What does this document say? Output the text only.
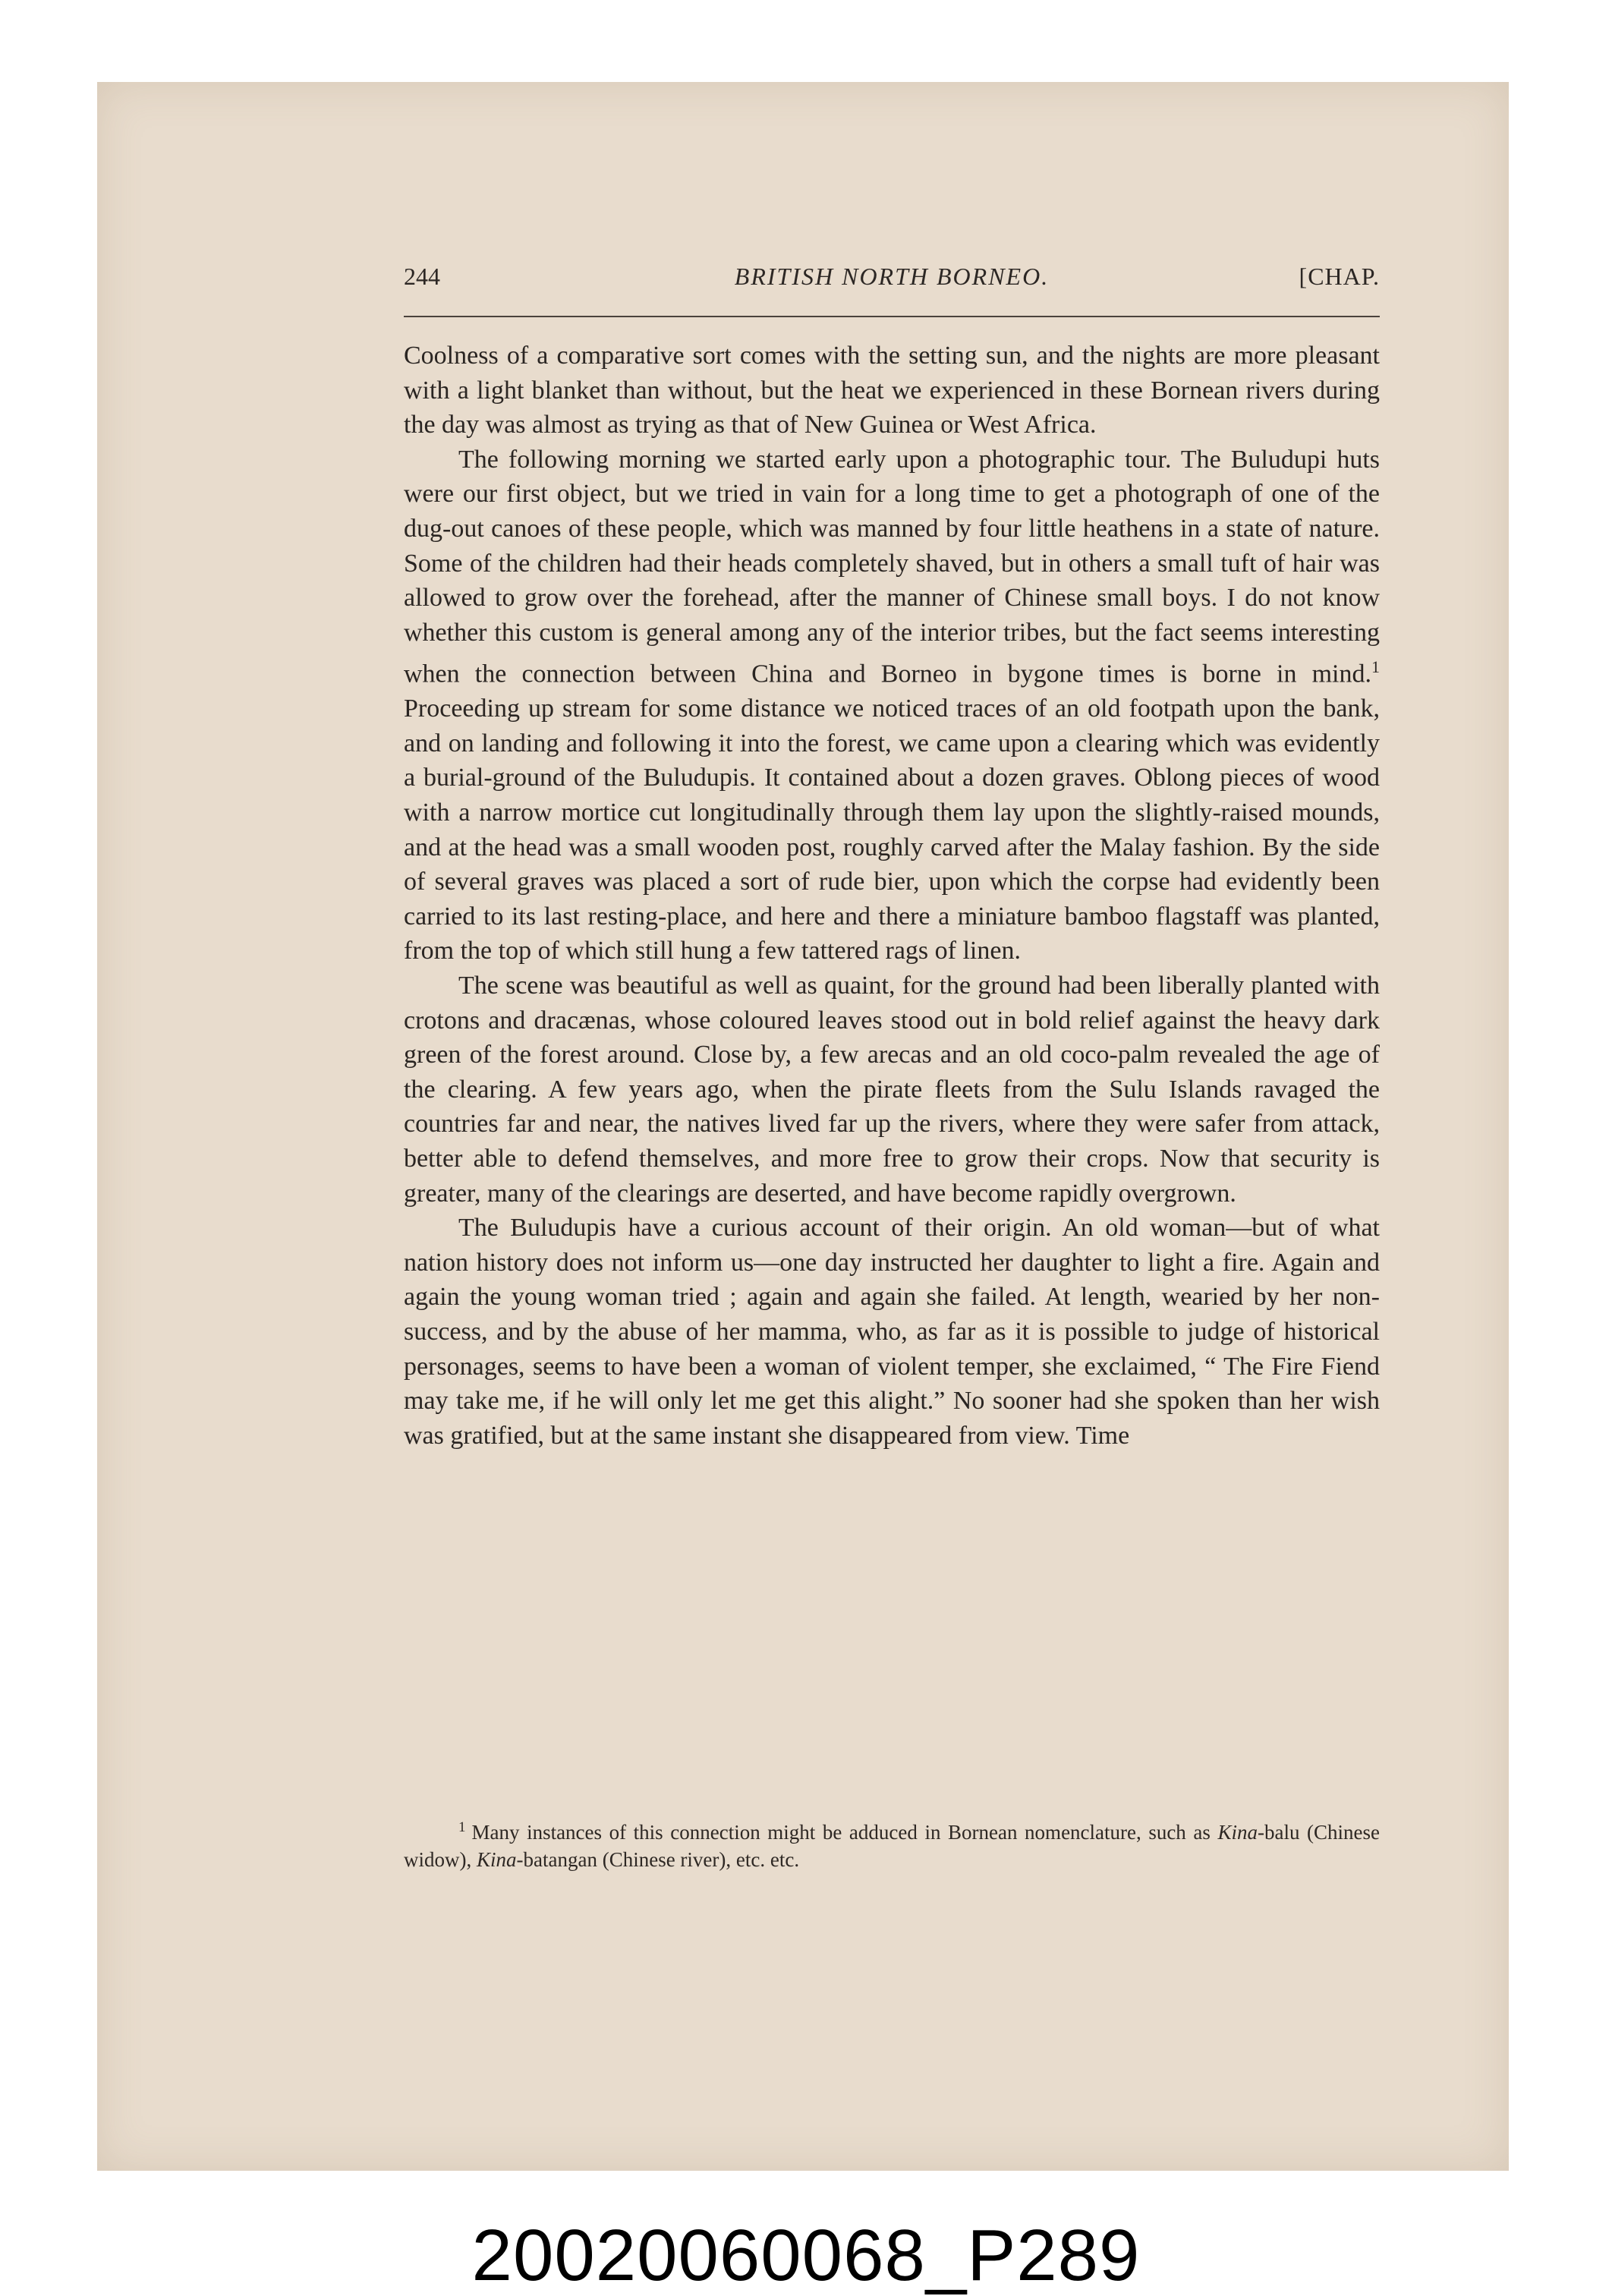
244	BRITISH NORTH BORNEO.	[CHAP.

Coolness of a comparative sort comes with the setting sun, and the nights are more pleasant with a light blanket than without, but the heat we experienced in these Bornean rivers during the day was almost as trying as that of New Guinea or West Africa.

The following morning we started early upon a photographic tour. The Buludupi huts were our first object, but we tried in vain for a long time to get a photograph of one of the dug-out canoes of these people, which was manned by four little heathens in a state of nature. Some of the children had their heads completely shaved, but in others a small tuft of hair was allowed to grow over the forehead, after the manner of Chinese small boys. I do not know whether this custom is general among any of the interior tribes, but the fact seems interesting when the connection between China and Borneo in bygone times is borne in mind.$^1$ Proceeding up stream for some distance we noticed traces of an old footpath upon the bank, and on landing and following it into the forest, we came upon a clearing which was evidently a burial-ground of the Buludupis. It contained about a dozen graves. Oblong pieces of wood with a narrow mortice cut longitudinally through them lay upon the slightly-raised mounds, and at the head was a small wooden post, roughly carved after the Malay fashion. By the side of several graves was placed a sort of rude bier, upon which the corpse had evidently been carried to its last resting-place, and here and there a miniature bamboo flagstaff was planted, from the top of which still hung a few tattered rags of linen.

The scene was beautiful as well as quaint, for the ground had been liberally planted with crotons and dracænas, whose coloured leaves stood out in bold relief against the heavy dark green of the forest around. Close by, a few arecas and an old coco-palm revealed the age of the clearing. A few years ago, when the pirate fleets from the Sulu Islands ravaged the countries far and near, the natives lived far up the rivers, where they were safer from attack, better able to defend themselves, and more free to grow their crops. Now that security is greater, many of the clearings are deserted, and have become rapidly overgrown.

The Buludupis have a curious account of their origin. An old woman—but of what nation history does not inform us—one day instructed her daughter to light a fire. Again and again the young woman tried ; again and again she failed. At length, wearied by her non-success, and by the abuse of her mamma, who, as far as it is possible to judge of historical personages, seems to have been a woman of violent temper, she exclaimed, “ The Fire Fiend may take me, if he will only let me get this alight.” No sooner had she spoken than her wish was gratified, but at the same instant she disappeared from view. Time

$^1$ Many instances of this connection might be adduced in Bornean nomenclature, such as Kina-balu (Chinese widow), Kina-batangan (Chinese river), etc. etc.
20020060068_P289
